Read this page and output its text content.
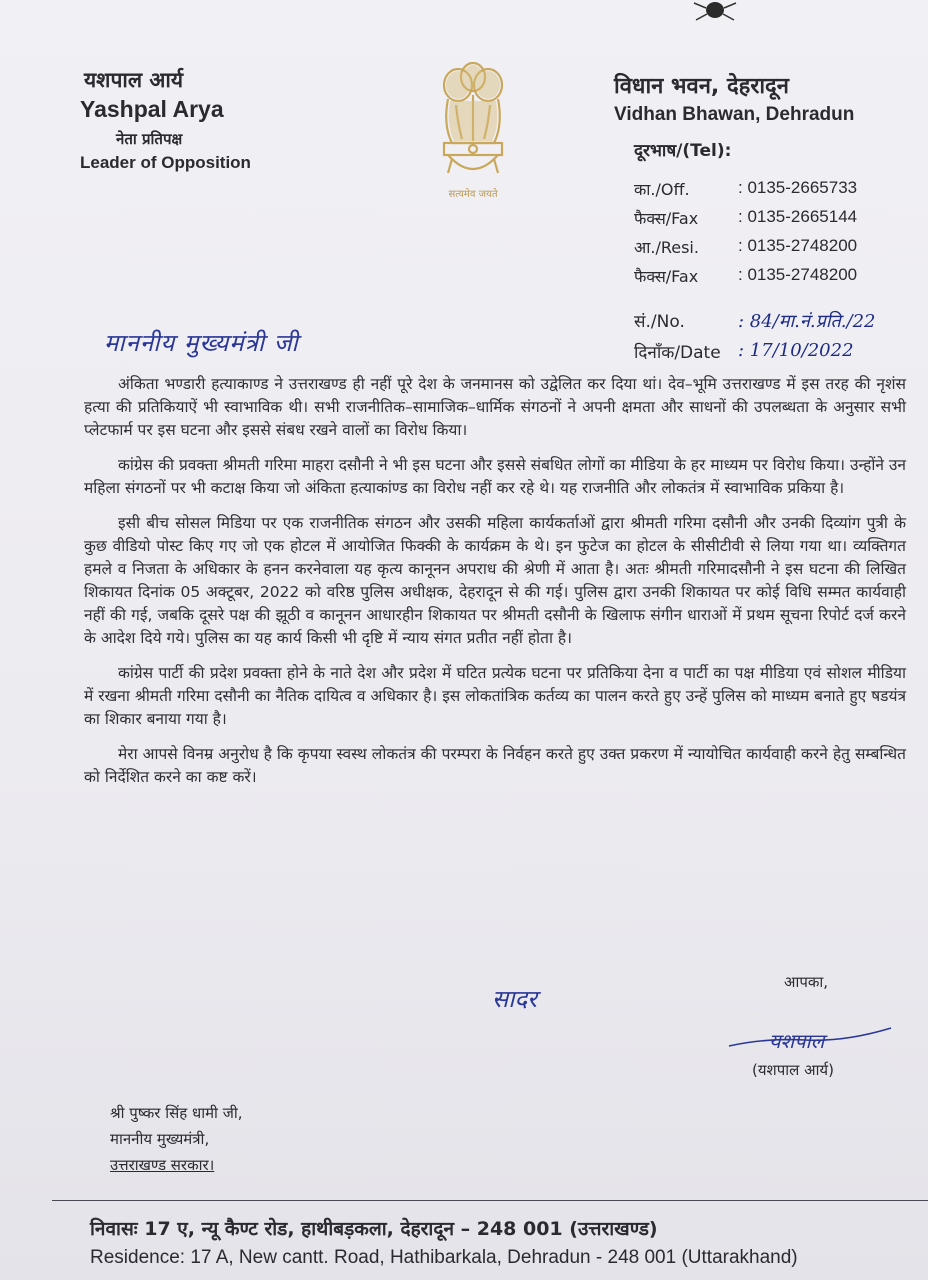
यशपाल आर्य
Yashpal Arya
नेता प्रतिपक्ष
Leader of Opposition
सत्यमेव जयते
विधान भवन, देहरादून
Vidhan Bhawan, Dehradun
दूरभाष/(Tel):
का./Off.	: 0135-2665733
फैक्स/Fax : 0135-2665144
आ./Resi. : 0135-2748200
फैक्स/Fax : 0135-2748200
सं./No.	: 84/मा.नं.प्रति./22
दिनाँक/Date : 17/10/2022
माननीय मुख्यमंत्री जी

अंकिता भण्डारी हत्याकाण्ड ने उत्तराखण्ड ही नहीं पूरे देश के जनमानस को उद्वेलित कर दिया थां। देव–भूमि उत्तराखण्ड में इस तरह की नृशंस हत्या की प्रतिकियाऐं भी स्वाभाविक थी। सभी राजनीतिक–सामाजिक–धार्मिक संगठनों ने अपनी क्षमता और साधनों की उपलब्धता के अनुसार सभी प्लेटफार्म पर इस घटना और इससे संबध रखने वालों का विरोध किया।

कांग्रेस की प्रवक्ता श्रीमती गरिमा माहरा दसौनी ने भी इस घटना और इससे संबधित लोगों का मीडिया के हर माध्यम पर विरोध किया। उन्होंने उन महिला संगठनों पर भी कटाक्ष किया जो अंकिता हत्याकांण्ड का विरोध नहीं कर रहे थे। यह राजनीति और लोकतंत्र में स्वाभाविक प्रकिया है।

इसी बीच सोसल मिडिया पर एक राजनीतिक संगठन और उसकी महिला कार्यकर्ताओं द्वारा श्रीमती गरिमा दसौनी और उनकी दिव्यांग पुत्री के कुछ वीडियो पोस्ट किए गए जो एक होटल में आयोजित फिक्की के कार्यक्रम के थे। इन फुटेज का होटल के सीसीटीवी से लिया गया था। व्यक्तिगत हमले व निजता के अधिकार के हनन करनेवाला यह कृत्य कानूनन अपराध की श्रेणी में आता है। अतः श्रीमती गरिमादसौनी ने इस घटना की लिखित शिकायत दिनांक 05 अक्टूबर, 2022 को वरिष्ठ पुलिस अधीक्षक, देहरादून से की गई। पुलिस द्वारा उनकी शिकायत पर कोई विधि सम्मत कार्यवाही नहीं की गई, जबकि दूसरे पक्ष की झूठी व कानूनन आधारहीन शिकायत पर श्रीमती दसौनी के खिलाफ संगीन धाराओं में प्रथम सूचना रिपोर्ट दर्ज करने के आदेश दिये गये। पुलिस का यह कार्य किसी भी दृष्टि में न्याय संगत प्रतीत नहीं होता है।

कांग्रेस पार्टी की प्रदेश प्रवक्ता होने के नाते देश और प्रदेश में घटित प्रत्येक घटना पर प्रतिकिया देना व पार्टी का पक्ष मीडिया एवं सोशल मीडिया में रखना श्रीमती गरिमा दसौनी का नैतिक दायित्व व अधिकार है। इस लोकतांत्रिक कर्तव्य का पालन करते हुए उन्हें पुलिस को माध्यम बनाते हुए षडयंत्र का शिकार बनाया गया है।

मेरा आपसे विनम्र अनुरोध है कि कृपया स्वस्थ लोकतंत्र की परम्परा के निर्वहन करते हुए उक्त प्रकरण में न्यायोचित कार्यवाही करने हेतु सम्बन्धित को निर्देशित करने का कष्ट करें।

आपका,
सादर
यशपाल
(यशपाल आर्य)
श्री पुष्कर सिंह धामी जी,
माननीय मुख्यमंत्री,
उत्तराखण्ड सरकार।
निवासः 17 ए, न्यू कैण्ट रोड, हाथीबड़कला, देहरादून – 248 001 (उत्तराखण्ड)
Residence: 17 A, New cantt. Road, Hathibarkala, Dehradun - 248 001 (Uttarakhand)
